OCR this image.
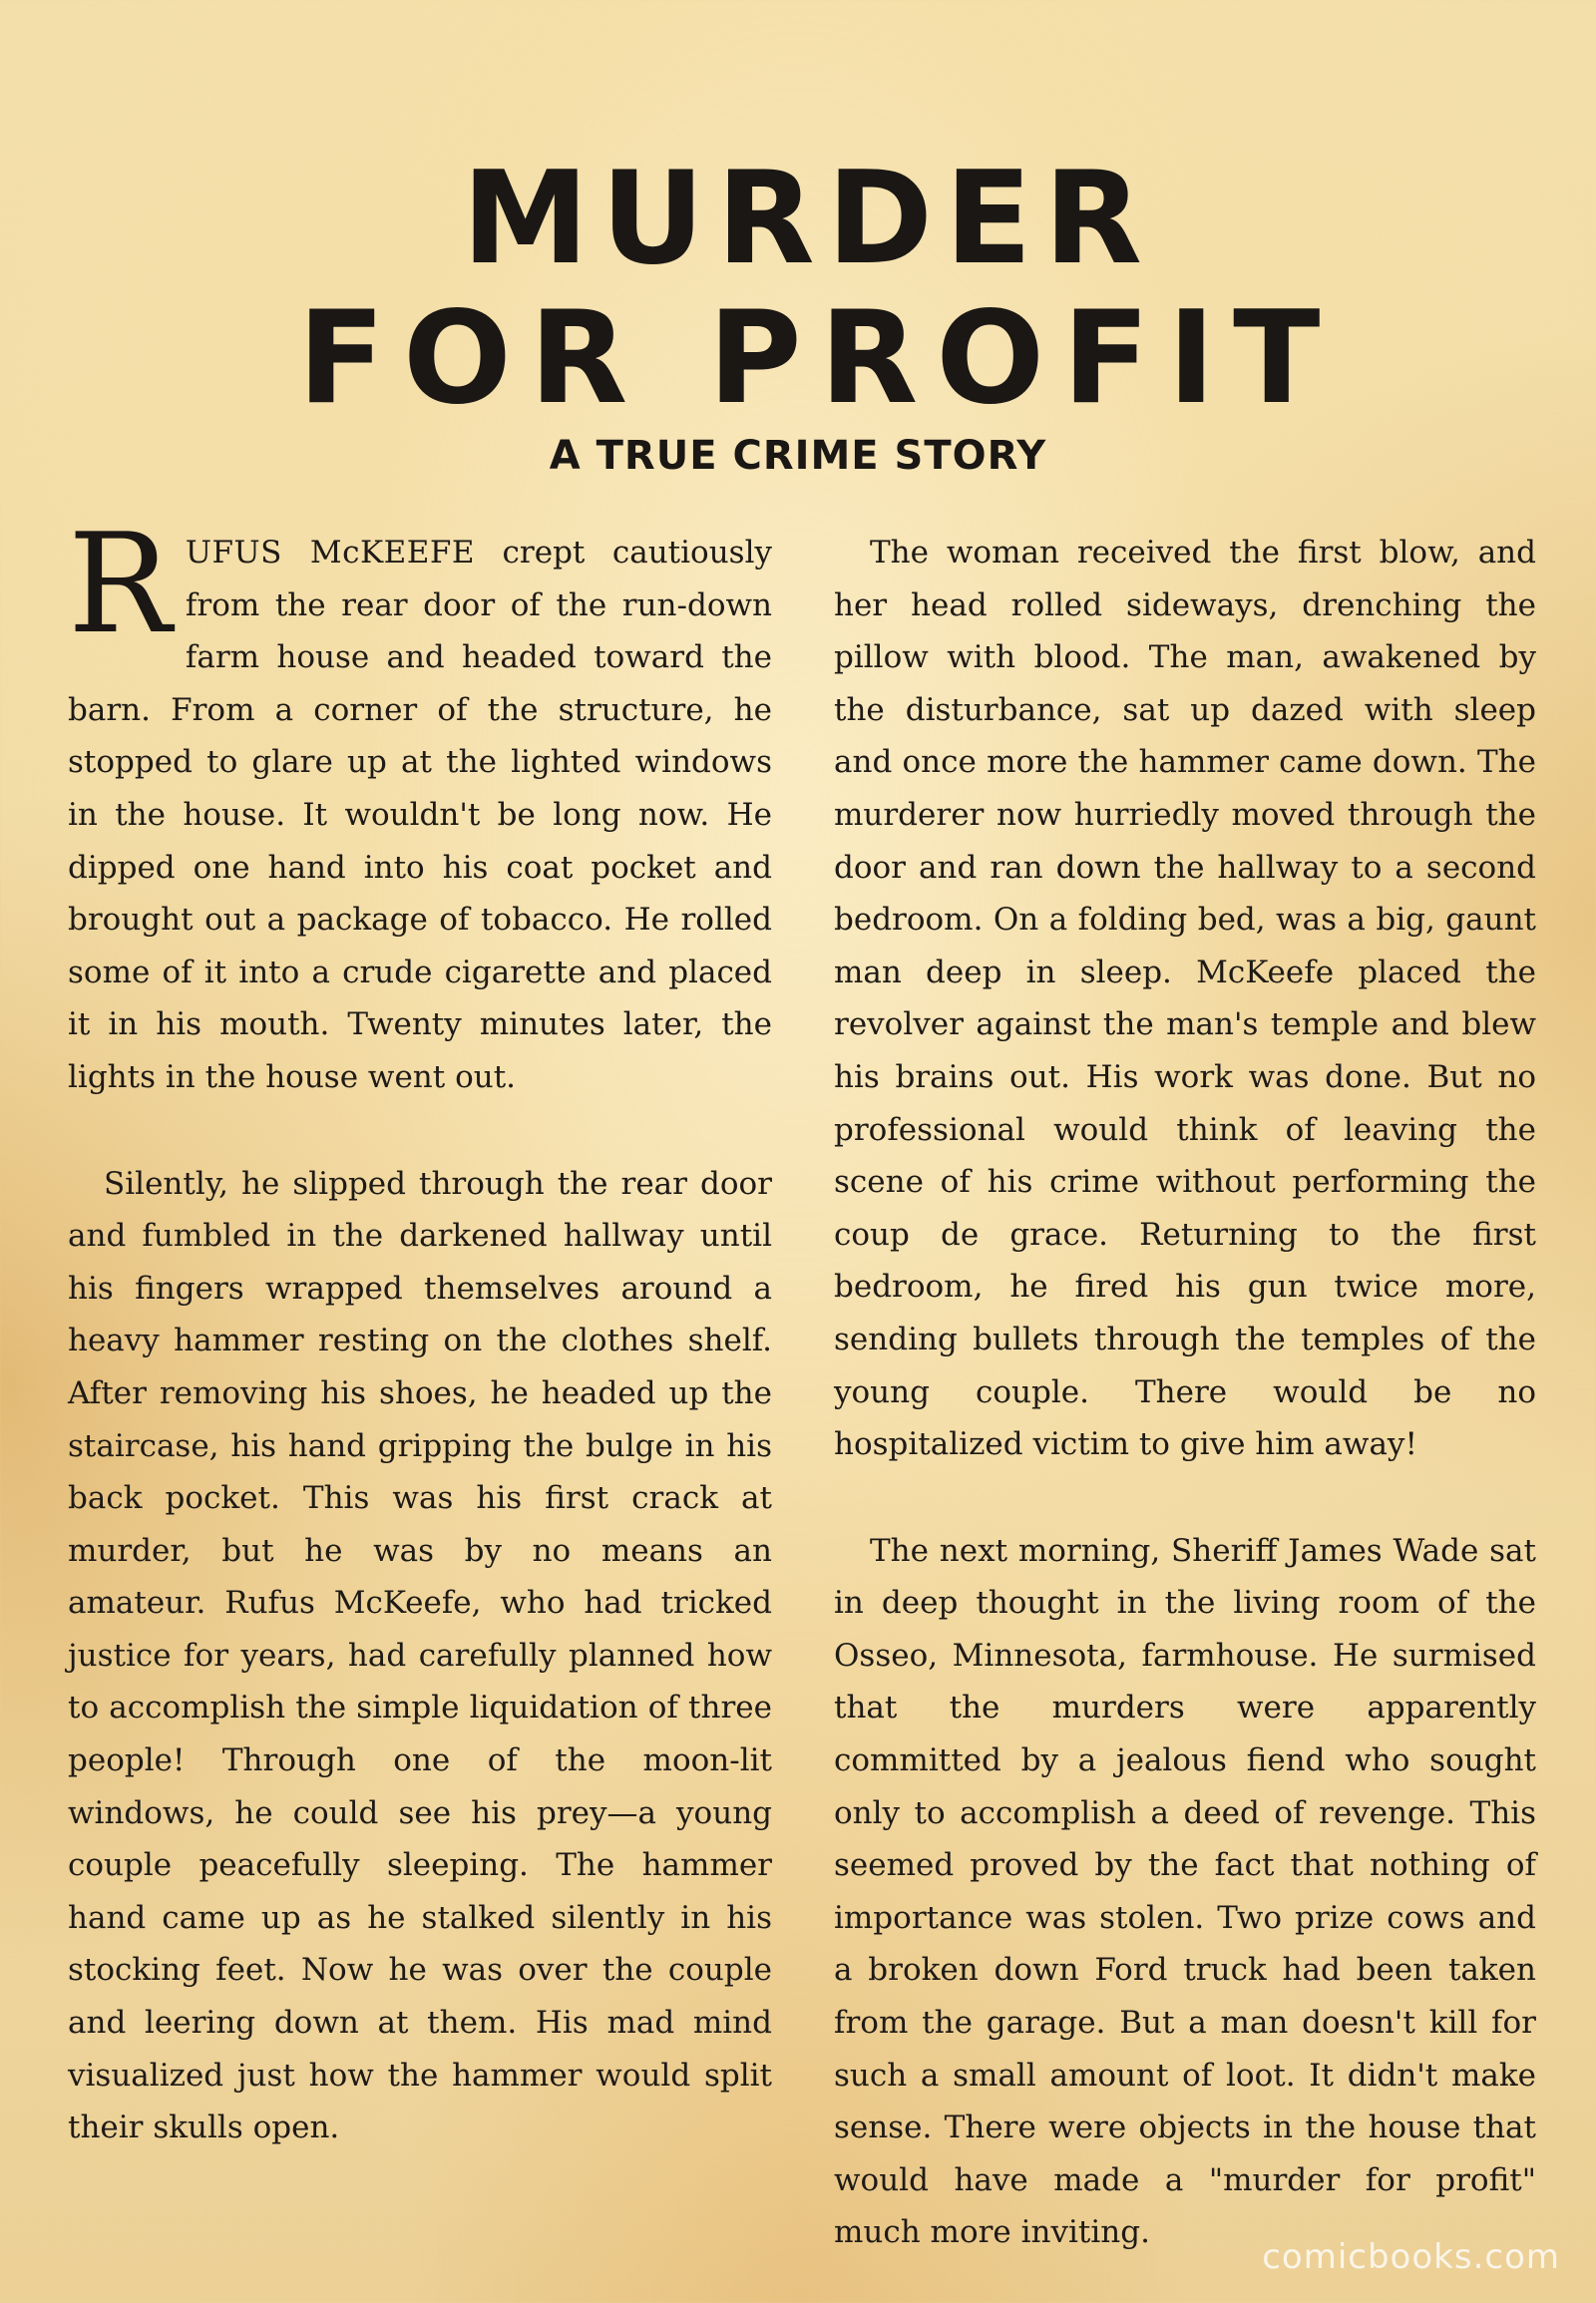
MURDER
FOR PROFIT
A TRUE CRIME STORY

RUFUS McKEEFE crept cautiously from the rear door of the run-down farm house and headed toward the barn. From a corner of the structure, he stopped to glare up at the lighted windows in the house. It wouldn't be long now. He dipped one hand into his coat pocket and brought out a package of tobacco. He rolled some of it into a crude cigarette and placed it in his mouth. Twenty minutes later, the lights in the house went out.

Silently, he slipped through the rear door and fumbled in the darkened hallway until his fingers wrapped themselves around a heavy hammer resting on the clothes shelf. After removing his shoes, he headed up the staircase, his hand gripping the bulge in his back pocket. This was his first crack at murder, but he was by no means an amateur. Rufus McKeefe, who had tricked justice for years, had carefully planned how to accomplish the simple liquidation of three people! Through one of the moon-lit windows, he could see his prey—a young couple peacefully sleeping. The hammer hand came up as he stalked silently in his stocking feet. Now he was over the couple and leering down at them. His mad mind visualized just how the hammer would split their skulls open.

The woman received the first blow, and her head rolled sideways, drenching the pillow with blood. The man, awakened by the disturbance, sat up dazed with sleep and once more the hammer came down. The murderer now hurriedly moved through the door and ran down the hallway to a second bedroom. On a folding bed, was a big, gaunt man deep in sleep. McKeefe placed the revolver against the man's temple and blew his brains out. His work was done. But no professional would think of leaving the scene of his crime without performing the coup de grace. Returning to the first bedroom, he fired his gun twice more, sending bullets through the temples of the young couple. There would be no hospitalized victim to give him away!

The next morning, Sheriff James Wade sat in deep thought in the living room of the Osseo, Minnesota, farmhouse. He surmised that the murders were apparently committed by a jealous fiend who sought only to accomplish a deed of revenge. This seemed proved by the fact that nothing of importance was stolen. Two prize cows and a broken down Ford truck had been taken from the garage. But a man doesn't kill for such a small amount of loot. It didn't make sense. There were objects in the house that would have made a "murder for profit" much more inviting.

comicbooks.com
